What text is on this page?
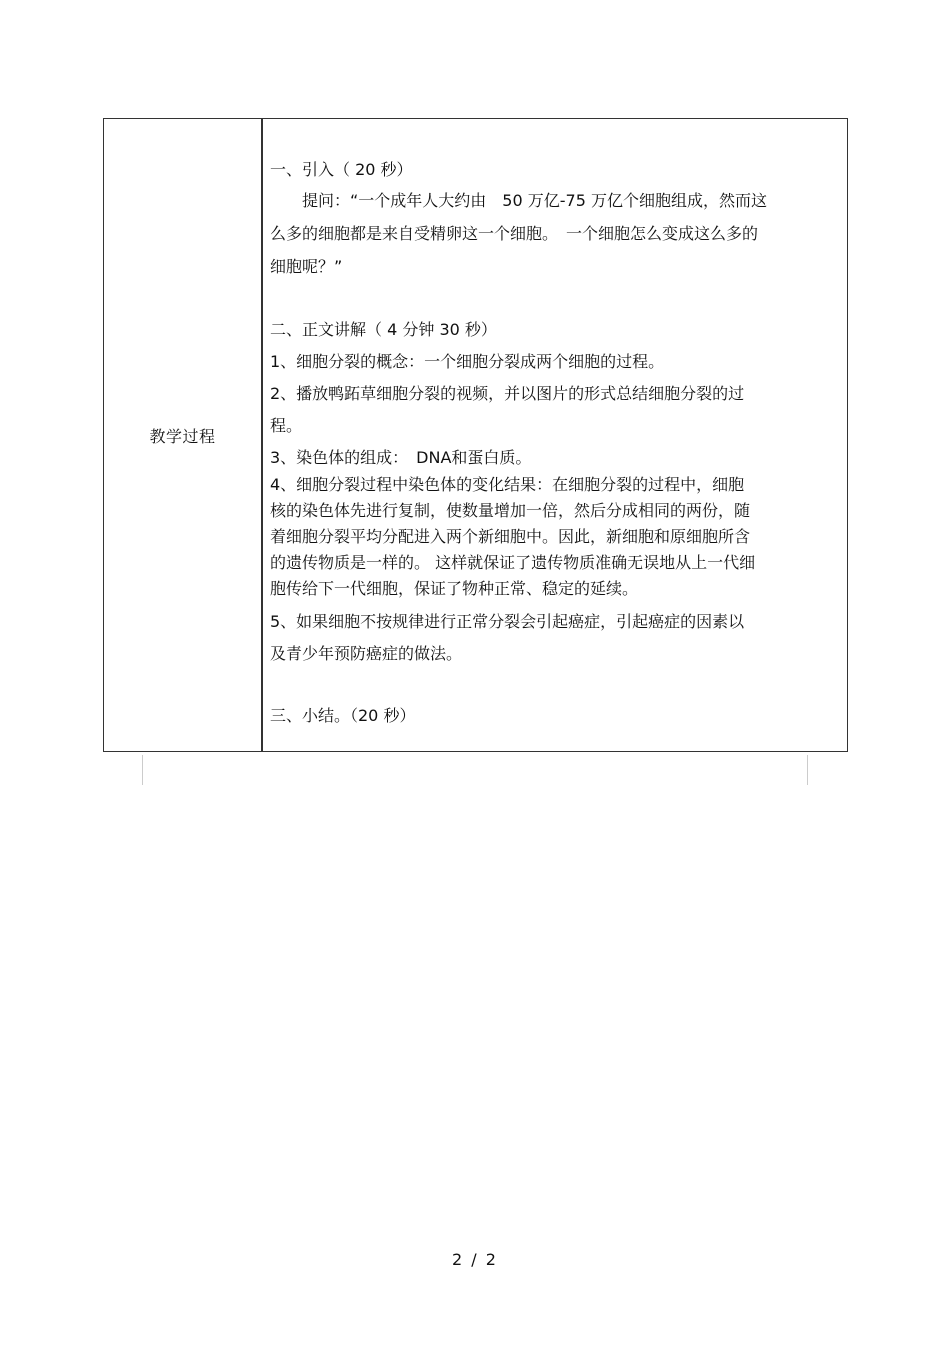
教学过程
一、引入（ 20 秒）
　　提问：“一个成年人大约由　50 万亿-75 万亿个细胞组成，然而这
么多的细胞都是来自受精卵这一个细胞。　一个细胞怎么变成这么多的
细胞呢？”
二、正文讲解（ 4 分钟 30 秒）
1、细胞分裂的概念：一个细胞分裂成两个细胞的过程。
2、播放鸭跖草细胞分裂的视频，并以图片的形式总结细胞分裂的过
程。
3、染色体的组成：　DNA和蛋白质。
4、细胞分裂过程中染色体的变化结果：在细胞分裂的过程中，细胞
核的染色体先进行复制，使数量增加一倍，然后分成相同的两份，随
着细胞分裂平均分配进入两个新细胞中。因此，新细胞和原细胞所含
的遗传物质是一样的。 这样就保证了遗传物质准确无误地从上一代细
胞传给下一代细胞，保证了物种正常、稳定的延续。
5、如果细胞不按规律进行正常分裂会引起癌症，引起癌症的因素以
及青少年预防癌症的做法。
三、小结。（20 秒）
2 / 2
